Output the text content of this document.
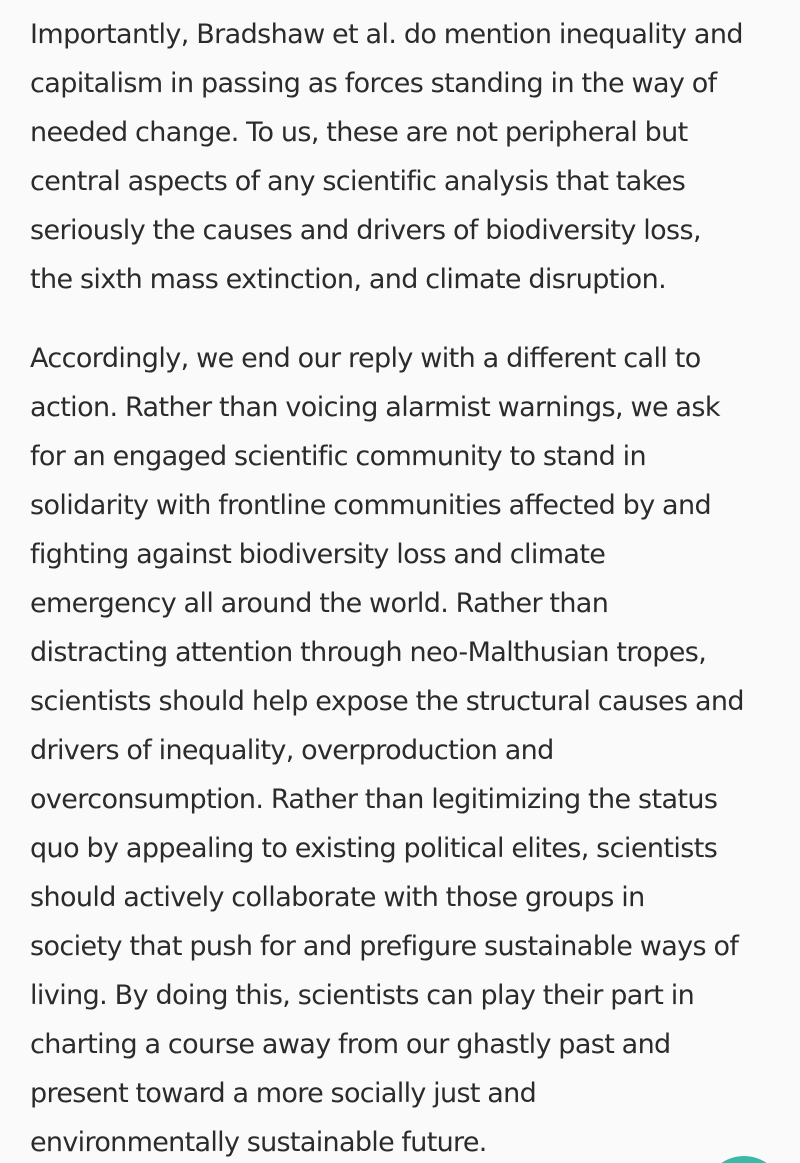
Importantly, Bradshaw et al. do mention inequality and
capitalism in passing as forces standing in the way of
needed change. To us, these are not peripheral but
central aspects of any scientific analysis that takes
seriously the causes and drivers of biodiversity loss,
the sixth mass extinction, and climate disruption.

Accordingly, we end our reply with a different call to
action. Rather than voicing alarmist warnings, we ask
for an engaged scientific community to stand in
solidarity with frontline communities affected by and
fighting against biodiversity loss and climate
emergency all around the world. Rather than
distracting attention through neo-Malthusian tropes,
scientists should help expose the structural causes and
drivers of inequality, overproduction and
overconsumption. Rather than legitimizing the status
quo by appealing to existing political elites, scientists
should actively collaborate with those groups in
society that push for and prefigure sustainable ways of
living. By doing this, scientists can play their part in
charting a course away from our ghastly past and
present toward a more socially just and
environmentally sustainable future.
